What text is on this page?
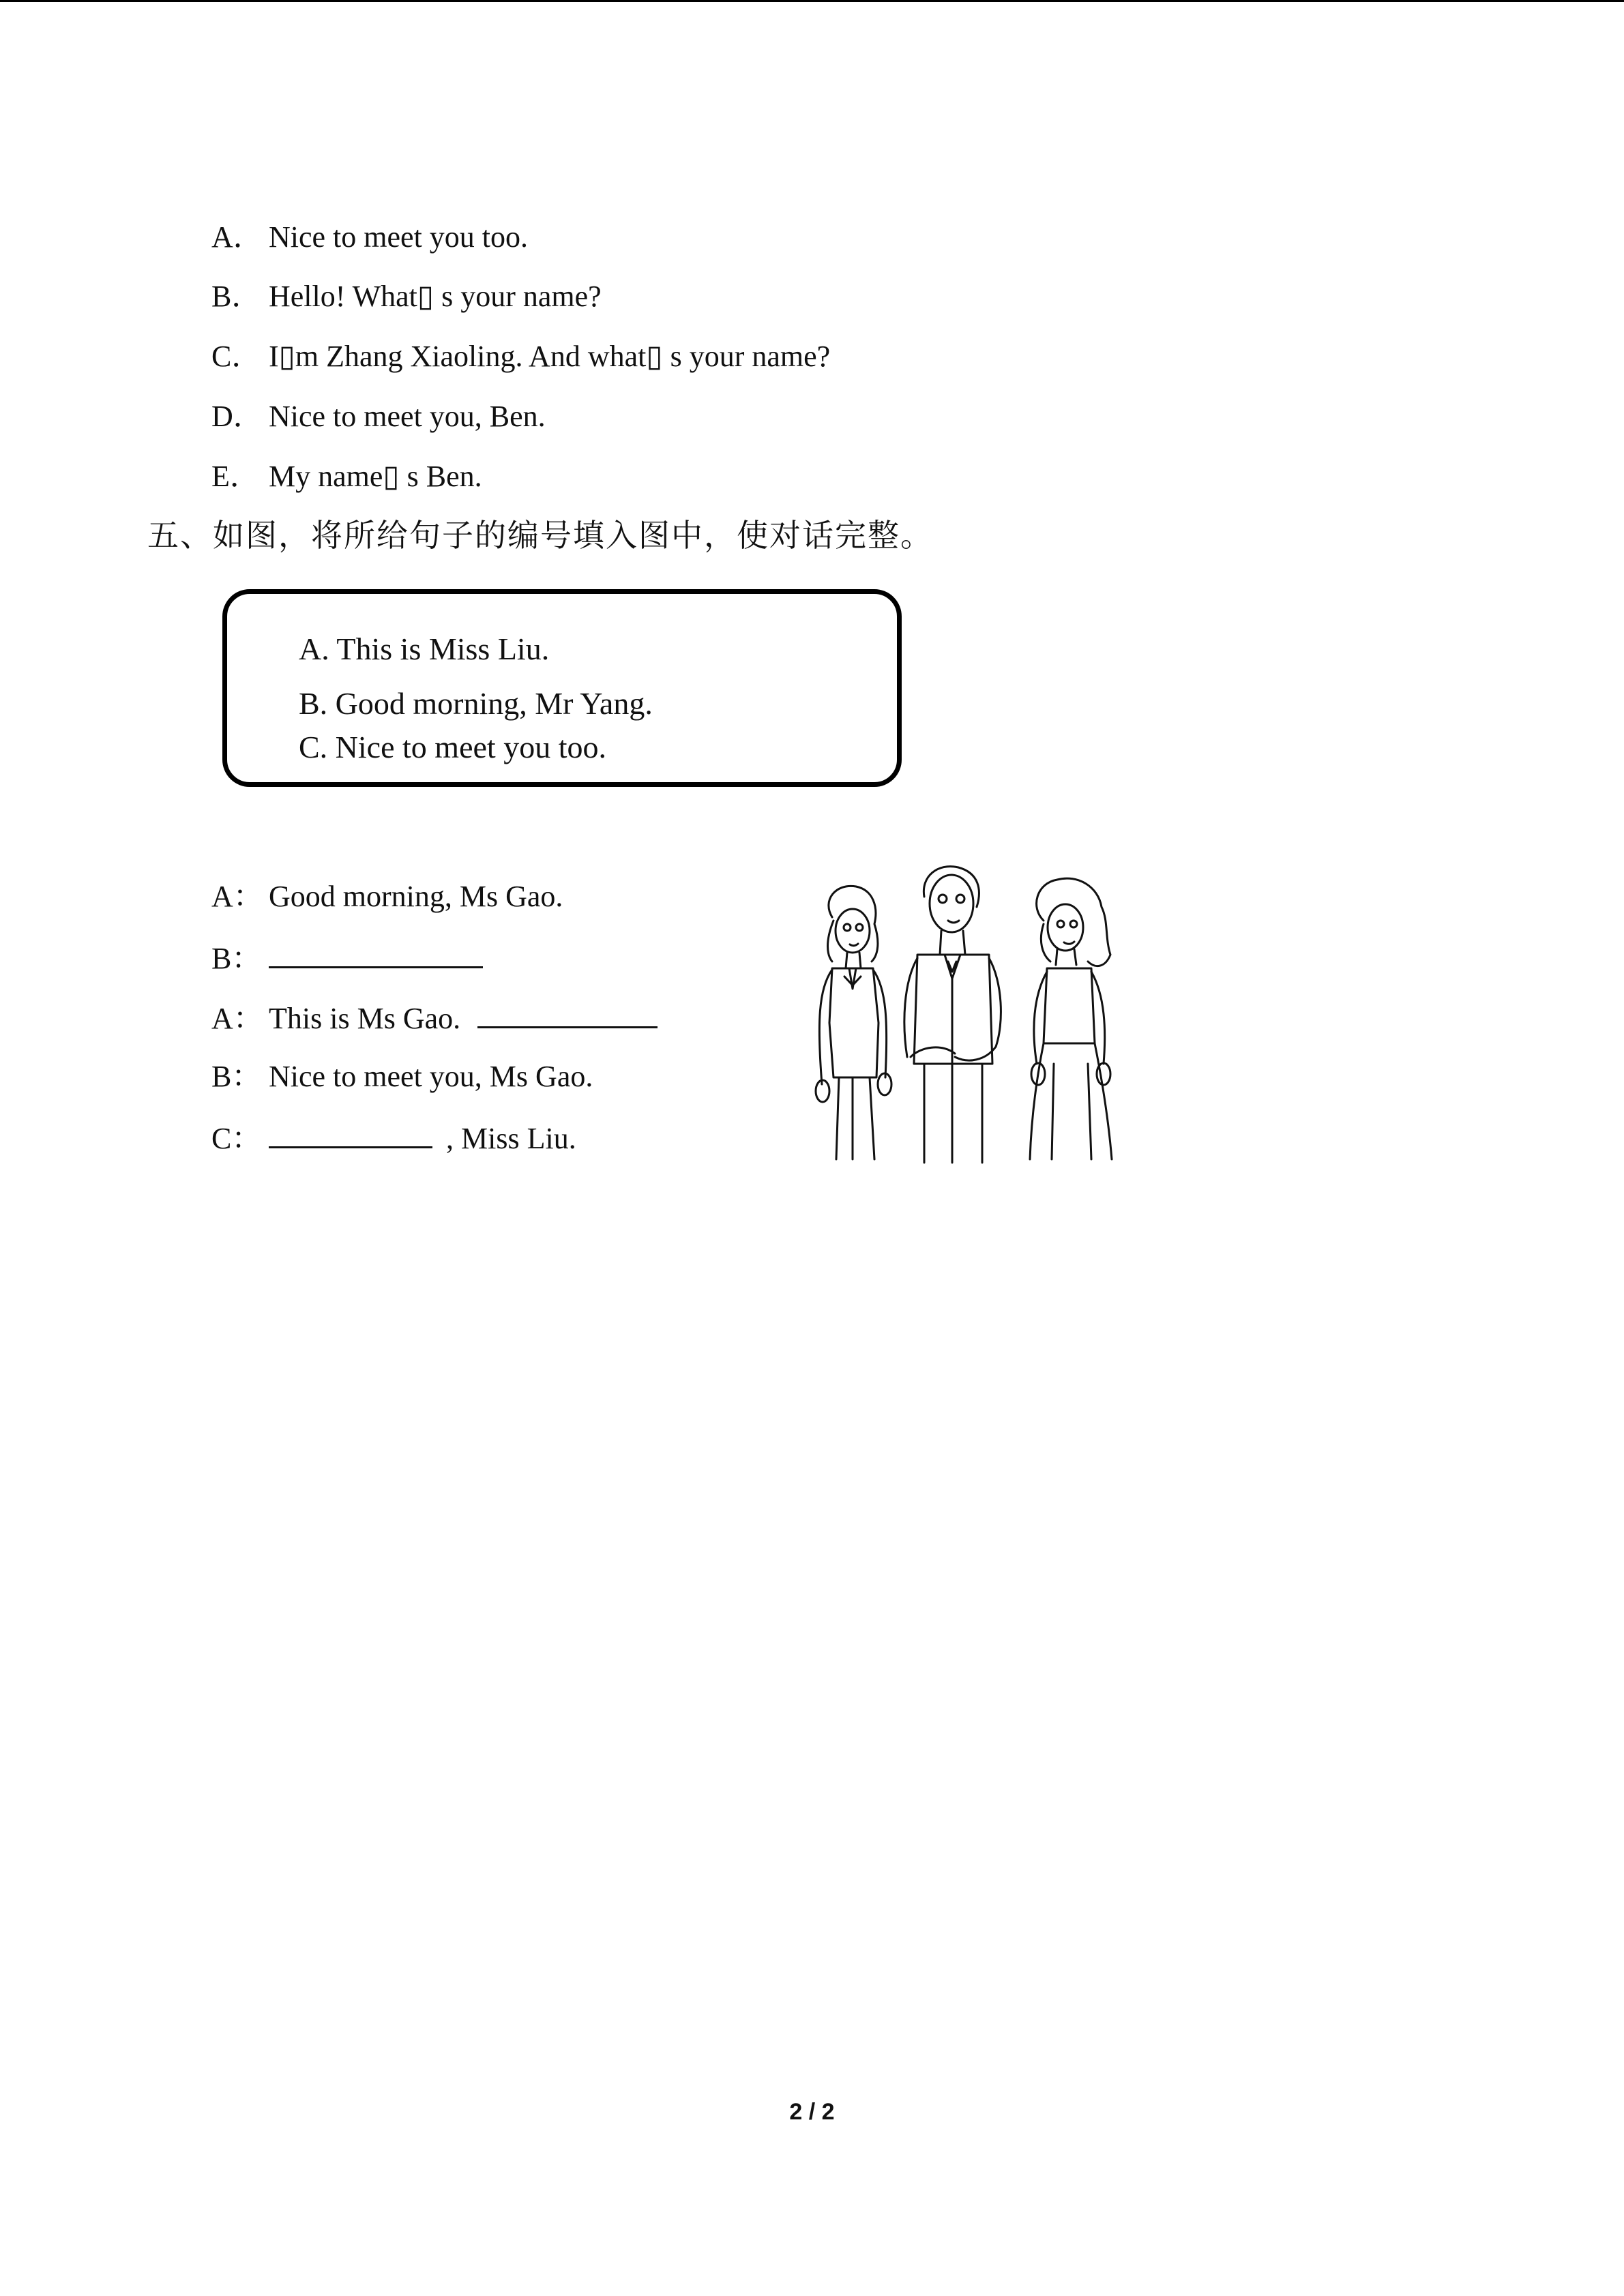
A． Nice to meet you too.
B． Hello! What▯ s your name?
C． I▯m Zhang Xiaoling. And what▯ s your name?
D． Nice to meet you, Ben.
E． My name▯ s Ben.
五、如图，将所给句子的编号填入图中，使对话完整。
A. This is Miss Liu.
B. Good morning, Mr Yang.
C. Nice to meet you too.
A： Good morning, Ms Gao.
B：
A： This is Ms Gao.
B： Nice to meet you, Ms Gao.
C：	, Miss Liu.
2 / 2
